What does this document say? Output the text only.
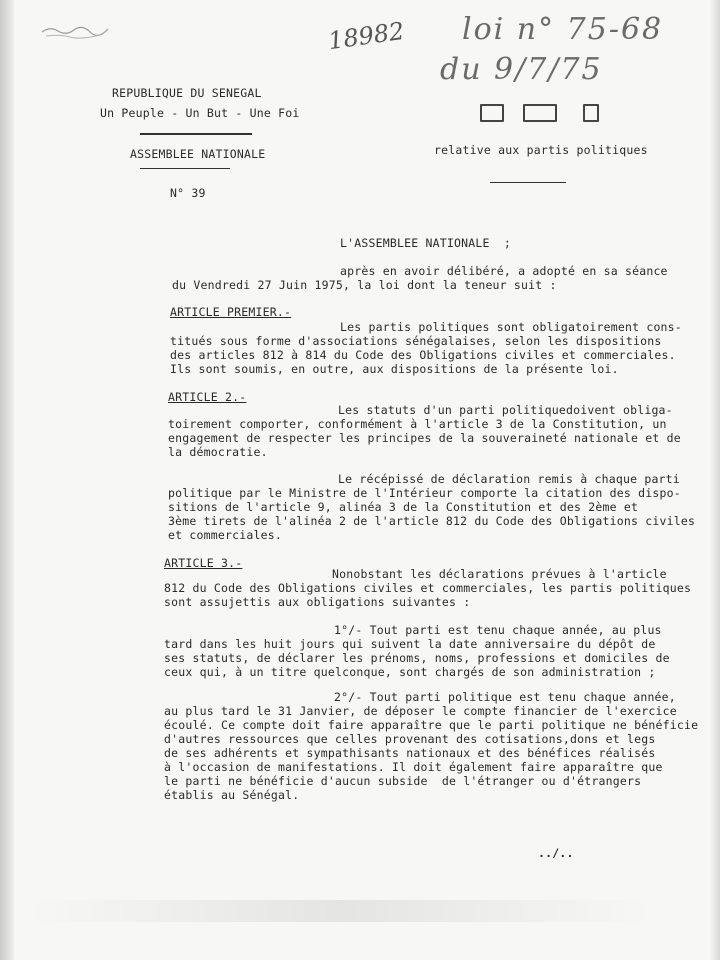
18982 loi n° 75-68
du 9/7/75
REPUBLIQUE DU SENEGAL
Un Peuple - Un But - Une Foi
ASSEMBLEE NATIONALE
N° 39
relative aux partis politiques
L'ASSEMBLEE NATIONALE  ;
après en avoir délibéré, a adopté en sa séance
du Vendredi 27 Juin 1975, la loi dont la teneur suit :
ARTICLE PREMIER.-
Les partis politiques sont obligatoirement cons-
titués sous forme d'associations sénégalaises, selon les dispositions
des articles 812 à 814 du Code des Obligations civiles et commerciales.
Ils sont soumis, en outre, aux dispositions de la présente loi.
ARTICLE 2.-
Les statuts d'un parti politiquedoivent obliga-
toirement comporter, conformément à l'article 3 de la Constitution, un
engagement de respecter les principes de la souveraineté nationale et de
la démocratie.
Le récépissé de déclaration remis à chaque parti
politique par le Ministre de l'Intérieur comporte la citation des dispo-
sitions de l'article 9, alinéa 3 de la Constitution et des 2ème et
3ème tirets de l'alinéa 2 de l'article 812 du Code des Obligations civiles
et commerciales.
ARTICLE 3.-
Nonobstant les déclarations prévues à l'article
812 du Code des Obligations civiles et commerciales, les partis politiques
sont assujettis aux obligations suivantes :
1°/- Tout parti est tenu chaque année, au plus
tard dans les huit jours qui suivent la date anniversaire du dépôt de
ses statuts, de déclarer les prénoms, noms, professions et domiciles de
ceux qui, à un titre quelconque, sont chargés de son administration ;
2°/- Tout parti politique est tenu chaque année,
au plus tard le 31 Janvier, de déposer le compte financier de l'exercice
écoulé. Ce compte doit faire apparaître que le parti politique ne bénéficie
d'autres ressources que celles provenant des cotisations,dons et legs
de ses adhérents et sympathisants nationaux et des bénéfices réalisés
à l'occasion de manifestations. Il doit également faire apparaître que
le parti ne bénéficie d'aucun subside  de l'étranger ou d'étrangers
établis au Sénégal.
../..
